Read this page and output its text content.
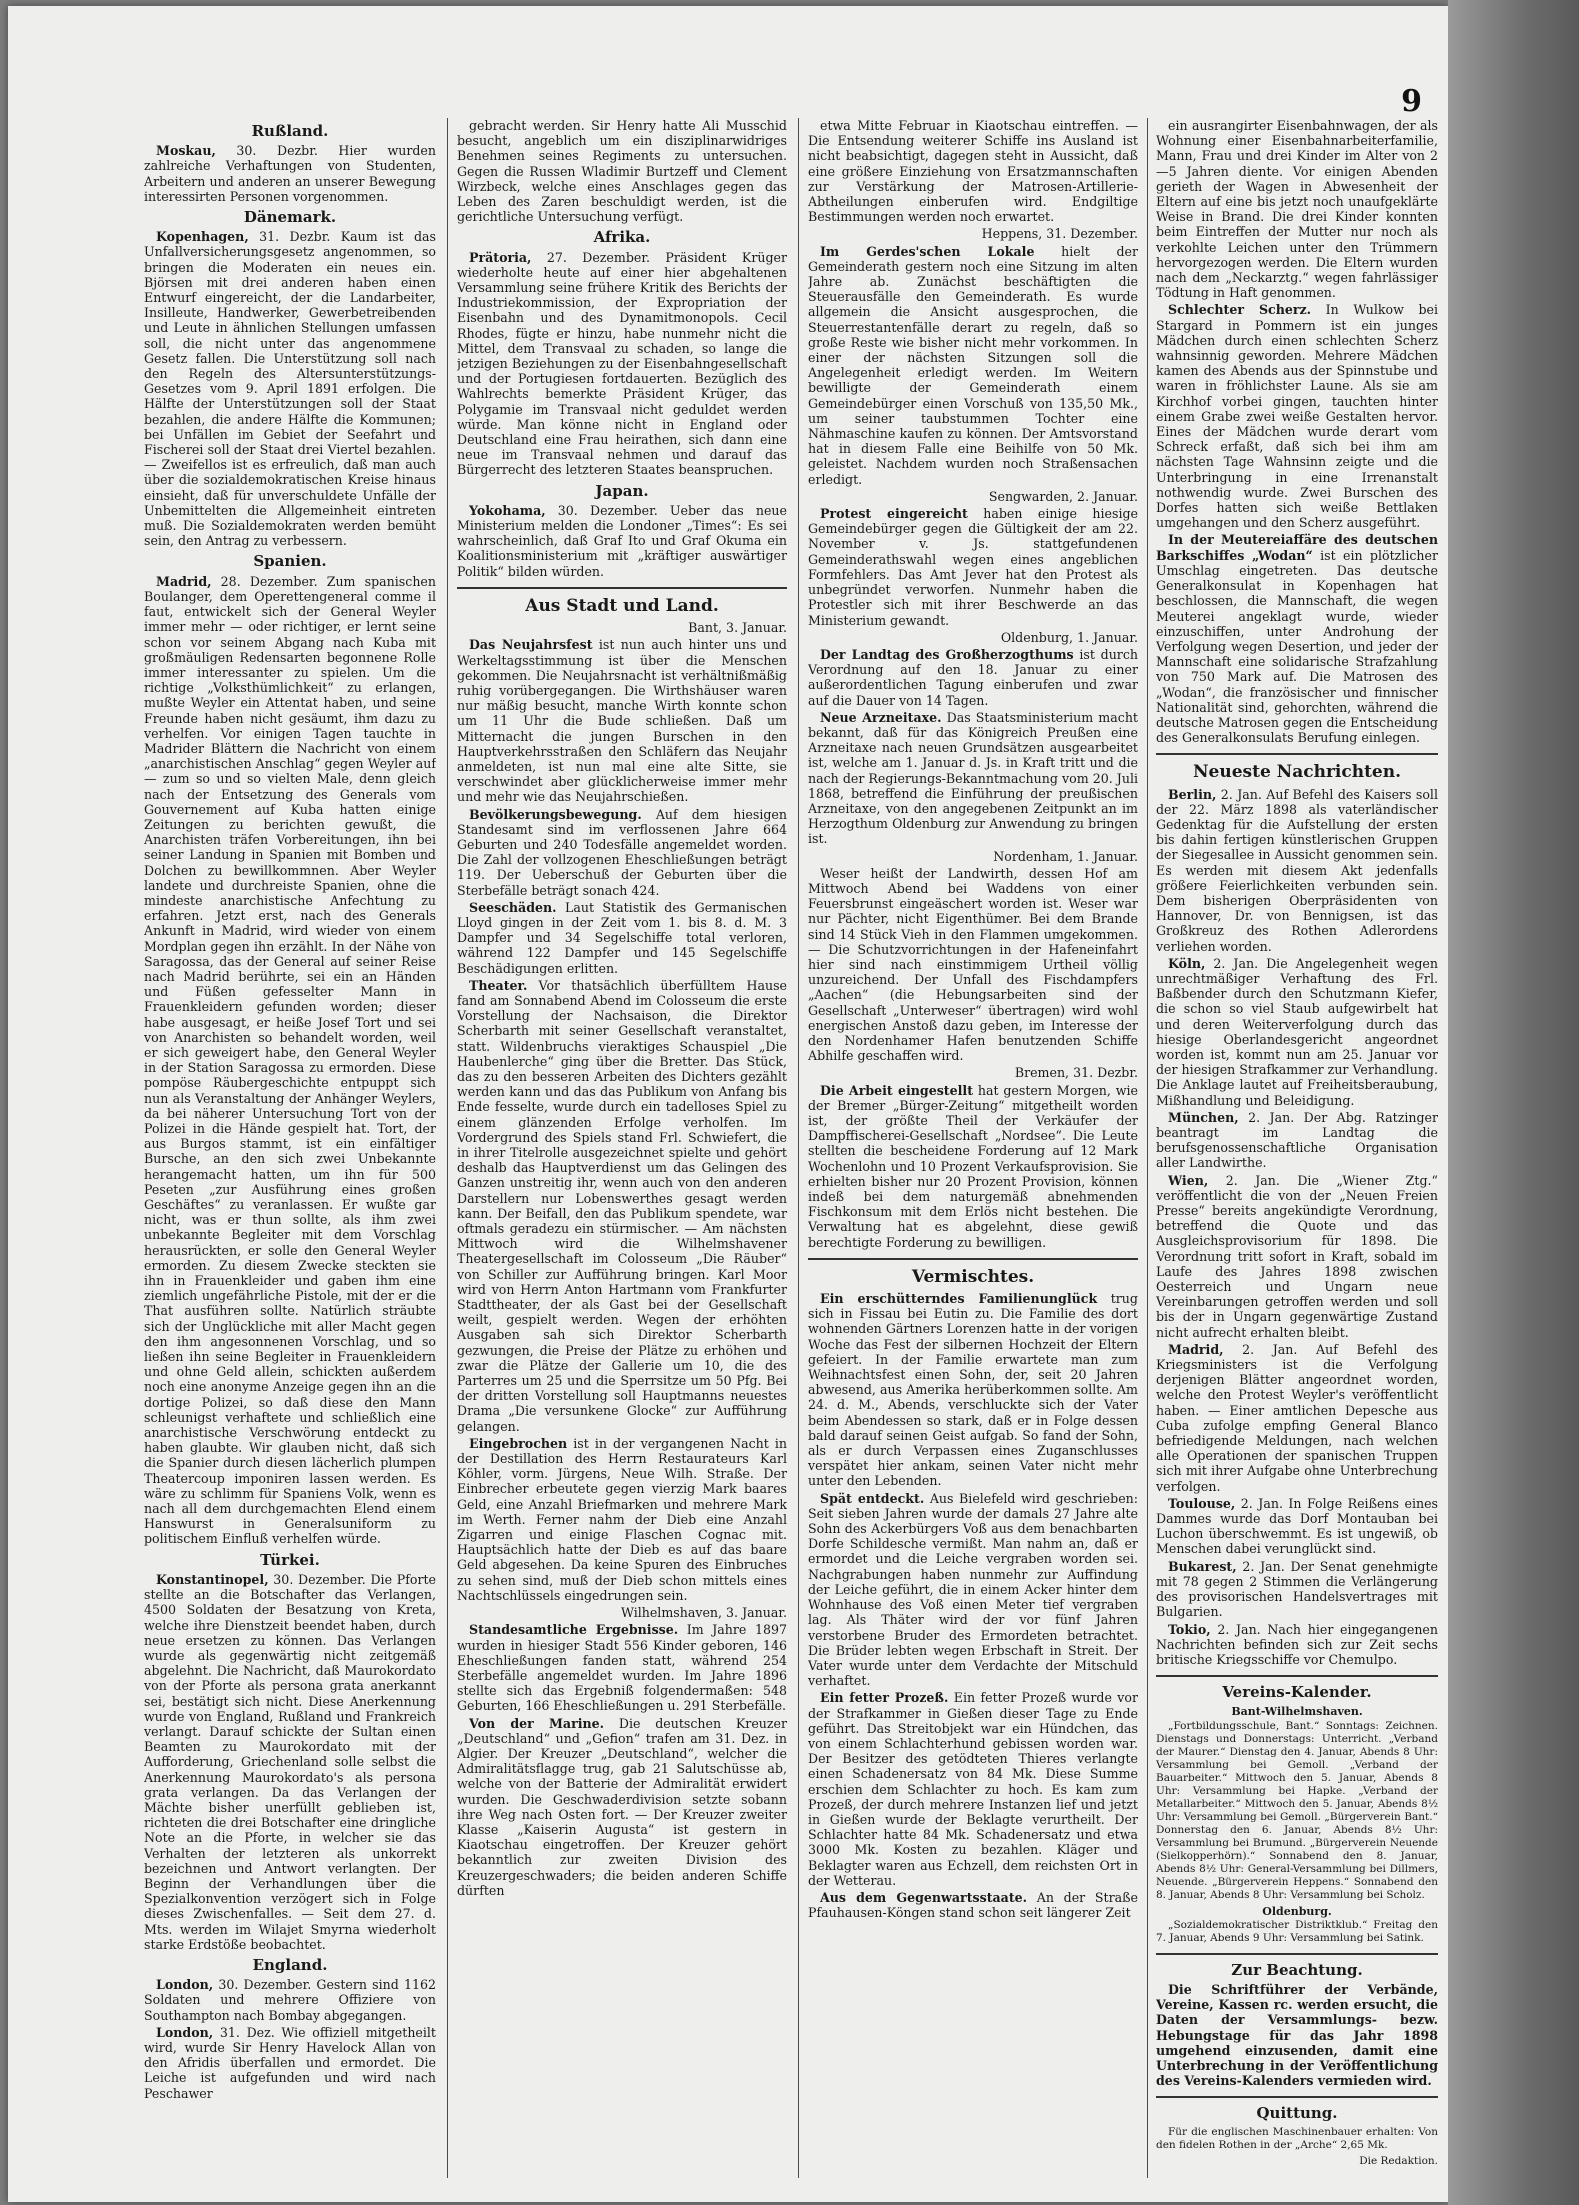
9
Rußland.
Moskau, 30. Dezbr. Hier wurden zahlreiche Verhaftungen von Studenten, Arbeitern und anderen an unserer Bewegung interessirten Personen vorgenommen.
Dänemark.
Kopenhagen, 31. Dezbr. Kaum ist das Unfallversicherungsgesetz angenommen, so bringen die Moderaten ein neues ein. Björsen mit drei anderen haben einen Entwurf eingereicht, der die Landarbeiter, Insilleute, Handwerker, Gewerbetreibenden und Leute in ähnlichen Stellungen umfassen soll, die nicht unter das angenommene Gesetz fallen. Die Unterstützung soll nach den Regeln des Altersunterstützungs-Gesetzes vom 9. April 1891 erfolgen. Die Hälfte der Unterstützungen soll der Staat bezahlen, die andere Hälfte die Kommunen; bei Unfällen im Gebiet der Seefahrt und Fischerei soll der Staat drei Viertel bezahlen. — Zweifellos ist es erfreulich, daß man auch über die sozialdemokratischen Kreise hinaus einsieht, daß für unverschuldete Unfälle der Unbemittelten die Allgemeinheit eintreten muß. Die Sozialdemokraten werden bemüht sein, den Antrag zu verbessern.
Spanien.
Madrid, 28. Dezember. Zum spanischen Boulanger, dem Operettengeneral comme il faut, entwickelt sich der General Weyler immer mehr — oder richtiger, er lernt seine schon vor seinem Abgang nach Kuba mit großmäuligen Redensarten begonnene Rolle immer interessanter zu spielen. Um die richtige „Volksthümlichkeit“ zu erlangen, mußte Weyler ein Attentat haben, und seine Freunde haben nicht gesäumt, ihm dazu zu verhelfen. Vor einigen Tagen tauchte in Madrider Blättern die Nachricht von einem „anarchistischen Anschlag“ gegen Weyler auf — zum so und so vielten Male, denn gleich nach der Entsetzung des Generals vom Gouvernement auf Kuba hatten einige Zeitungen zu berichten gewußt, die Anarchisten träfen Vorbereitungen, ihn bei seiner Landung in Spanien mit Bomben und Dolchen zu bewillkommnen. Aber Weyler landete und durchreiste Spanien, ohne die mindeste anarchistische Anfechtung zu erfahren. Jetzt erst, nach des Generals Ankunft in Madrid, wird wieder von einem Mordplan gegen ihn erzählt. In der Nähe von Saragossa, das der General auf seiner Reise nach Madrid berührte, sei ein an Händen und Füßen gefesselter Mann in Frauenkleidern gefunden worden; dieser habe ausgesagt, er heiße Josef Tort und sei von Anarchisten so behandelt worden, weil er sich geweigert habe, den General Weyler in der Station Saragossa zu ermorden. Diese pompöse Räubergeschichte entpuppt sich nun als Veranstaltung der Anhänger Weylers, da bei näherer Untersuchung Tort von der Polizei in die Hände gespielt hat. Tort, der aus Burgos stammt, ist ein einfältiger Bursche, an den sich zwei Unbekannte herangemacht hatten, um ihn für 500 Peseten „zur Ausführung eines großen Geschäftes“ zu veranlassen. Er wußte gar nicht, was er thun sollte, als ihm zwei unbekannte Begleiter mit dem Vorschlag herausrückten, er solle den General Weyler ermorden. Zu diesem Zwecke steckten sie ihn in Frauenkleider und gaben ihm eine ziemlich ungefährliche Pistole, mit der er die That ausführen sollte. Natürlich sträubte sich der Unglückliche mit aller Macht gegen den ihm angesonnenen Vorschlag, und so ließen ihn seine Begleiter in Frauenkleidern und ohne Geld allein, schickten außerdem noch eine anonyme Anzeige gegen ihn an die dortige Polizei, so daß diese den Mann schleunigst verhaftete und schließlich eine anarchistische Verschwörung entdeckt zu haben glaubte. Wir glauben nicht, daß sich die Spanier durch diesen lächerlich plumpen Theatercoup imponiren lassen werden. Es wäre zu schlimm für Spaniens Volk, wenn es nach all dem durchgemachten Elend einem Hanswurst in Generalsuniform zu politischem Einfluß verhelfen würde.
Türkei.
Konstantinopel, 30. Dezember. Die Pforte stellte an die Botschafter das Verlangen, 4500 Soldaten der Besatzung von Kreta, welche ihre Dienstzeit beendet haben, durch neue ersetzen zu können. Das Verlangen wurde als gegenwärtig nicht zeitgemäß abgelehnt. Die Nachricht, daß Maurokordato von der Pforte als persona grata anerkannt sei, bestätigt sich nicht. Diese Anerkennung wurde von England, Rußland und Frankreich verlangt. Darauf schickte der Sultan einen Beamten zu Maurokordato mit der Aufforderung, Griechenland solle selbst die Anerkennung Maurokordato's als persona grata verlangen. Da das Verlangen der Mächte bisher unerfüllt geblieben ist, richteten die drei Botschafter eine dringliche Note an die Pforte, in welcher sie das Verhalten der letzteren als unkorrekt bezeichnen und Antwort verlangten. Der Beginn der Verhandlungen über die Spezialkonvention verzögert sich in Folge dieses Zwischenfalles. — Seit dem 27. d. Mts. werden im Wilajet Smyrna wiederholt starke Erdstöße beobachtet.
England.
London, 30. Dezember. Gestern sind 1162 Soldaten und mehrere Offiziere von Southampton nach Bombay abgegangen.
London, 31. Dez. Wie offiziell mitgetheilt wird, wurde Sir Henry Havelock Allan von den Afridis überfallen und ermordet. Die Leiche ist aufgefunden und wird nach Peschawer
gebracht werden. Sir Henry hatte Ali Musschid besucht, angeblich um ein disziplinarwidriges Benehmen seines Regiments zu untersuchen. Gegen die Russen Wladimir Burtzeff und Clement Wirzbeck, welche eines Anschlages gegen das Leben des Zaren beschuldigt werden, ist die gerichtliche Untersuchung verfügt.
Afrika.
Prätoria, 27. Dezember. Präsident Krüger wiederholte heute auf einer hier abgehaltenen Versammlung seine frühere Kritik des Berichts der Industriekommission, der Expropriation der Eisenbahn und des Dynamitmonopols. Cecil Rhodes, fügte er hinzu, habe nunmehr nicht die Mittel, dem Transvaal zu schaden, so lange die jetzigen Beziehungen zu der Eisenbahngesellschaft und der Portugiesen fortdauerten. Bezüglich des Wahlrechts bemerkte Präsident Krüger, das Polygamie im Transvaal nicht geduldet werden würde. Man könne nicht in England oder Deutschland eine Frau heirathen, sich dann eine neue im Transvaal nehmen und darauf das Bürgerrecht des letzteren Staates beanspruchen.
Japan.
Yokohama, 30. Dezember. Ueber das neue Ministerium melden die Londoner „Times“: Es sei wahrscheinlich, daß Graf Ito und Graf Okuma ein Koalitionsministerium mit „kräftiger auswärtiger Politik“ bilden würden.
Aus Stadt und Land.
Bant, 3. Januar.
Das Neujahrsfest ist nun auch hinter uns und Werkeltagsstimmung ist über die Menschen gekommen. Die Neujahrsnacht ist verhältnißmäßig ruhig vorübergegangen. Die Wirthshäuser waren nur mäßig besucht, manche Wirth konnte schon um 11 Uhr die Bude schließen. Daß um Mitternacht die jungen Burschen in den Hauptverkehrsstraßen den Schläfern das Neujahr anmeldeten, ist nun mal eine alte Sitte, sie verschwindet aber glücklicherweise immer mehr und mehr wie das Neujahrschießen.
Bevölkerungsbewegung. Auf dem hiesigen Standesamt sind im verflossenen Jahre 664 Geburten und 240 Todesfälle angemeldet worden. Die Zahl der vollzogenen Eheschließungen beträgt 119. Der Ueberschuß der Geburten über die Sterbefälle beträgt sonach 424.
Seeschäden. Laut Statistik des Germanischen Lloyd gingen in der Zeit vom 1. bis 8. d. M. 3 Dampfer und 34 Segelschiffe total verloren, während 122 Dampfer und 145 Segelschiffe Beschädigungen erlitten.
Theater. Vor thatsächlich überfülltem Hause fand am Sonnabend Abend im Colosseum die erste Vorstellung der Nachsaison, die Direktor Scherbarth mit seiner Gesellschaft veranstaltet, statt. Wildenbruchs vieraktiges Schauspiel „Die Haubenlerche“ ging über die Bretter. Das Stück, das zu den besseren Arbeiten des Dichters gezählt werden kann und das das Publikum von Anfang bis Ende fesselte, wurde durch ein tadelloses Spiel zu einem glänzenden Erfolge verholfen. Im Vordergrund des Spiels stand Frl. Schwiefert, die in ihrer Titelrolle ausgezeichnet spielte und gehört deshalb das Hauptverdienst um das Gelingen des Ganzen unstreitig ihr, wenn auch von den anderen Darstellern nur Lobenswerthes gesagt werden kann. Der Beifall, den das Publikum spendete, war oftmals geradezu ein stürmischer. — Am nächsten Mittwoch wird die Wilhelmshavener Theatergesellschaft im Colosseum „Die Räuber“ von Schiller zur Aufführung bringen. Karl Moor wird von Herrn Anton Hartmann vom Frankfurter Stadttheater, der als Gast bei der Gesellschaft weilt, gespielt werden. Wegen der erhöhten Ausgaben sah sich Direktor Scherbarth gezwungen, die Preise der Plätze zu erhöhen und zwar die Plätze der Gallerie um 10, die des Parterres um 25 und die Sperrsitze um 50 Pfg. Bei der dritten Vorstellung soll Hauptmanns neuestes Drama „Die versunkene Glocke“ zur Aufführung gelangen.
Eingebrochen ist in der vergangenen Nacht in der Destillation des Herrn Restaurateurs Karl Köhler, vorm. Jürgens, Neue Wilh. Straße. Der Einbrecher erbeutete gegen vierzig Mark baares Geld, eine Anzahl Briefmarken und mehrere Mark im Werth. Ferner nahm der Dieb eine Anzahl Zigarren und einige Flaschen Cognac mit. Hauptsächlich hatte der Dieb es auf das baare Geld abgesehen. Da keine Spuren des Einbruches zu sehen sind, muß der Dieb schon mittels eines Nachtschlüssels eingedrungen sein.
Wilhelmshaven, 3. Januar.
Standesamtliche Ergebnisse. Im Jahre 1897 wurden in hiesiger Stadt 556 Kinder geboren, 146 Eheschließungen fanden statt, während 254 Sterbefälle angemeldet wurden. Im Jahre 1896 stellte sich das Ergebniß folgendermaßen: 548 Geburten, 166 Eheschließungen u. 291 Sterbefälle.
Von der Marine. Die deutschen Kreuzer „Deutschland“ und „Gefion“ trafen am 31. Dez. in Algier. Der Kreuzer „Deutschland“, welcher die Admiralitätsflagge trug, gab 21 Salutschüsse ab, welche von der Batterie der Admiralität erwidert wurden. Die Geschwaderdivision setzte sobann ihre Weg nach Osten fort. — Der Kreuzer zweiter Klasse „Kaiserin Augusta“ ist gestern in Kiaotschau eingetroffen. Der Kreuzer gehört bekanntlich zur zweiten Division des Kreuzergeschwaders; die beiden anderen Schiffe dürften
etwa Mitte Februar in Kiaotschau eintreffen. — Die Entsendung weiterer Schiffe ins Ausland ist nicht beabsichtigt, dagegen steht in Aussicht, daß eine größere Einziehung von Ersatzmannschaften zur Verstärkung der Matrosen-Artillerie-Abtheilungen einberufen wird. Endgiltige Bestimmungen werden noch erwartet.
Heppens, 31. Dezember.
Im Gerdes'schen Lokale hielt der Gemeinderath gestern noch eine Sitzung im alten Jahre ab. Zunächst beschäftigten die Steuerausfälle den Gemeinderath. Es wurde allgemein die Ansicht ausgesprochen, die Steuerrestantenfälle derart zu regeln, daß so große Reste wie bisher nicht mehr vorkommen. In einer der nächsten Sitzungen soll die Angelegenheit erledigt werden. Im Weitern bewilligte der Gemeinderath einem Gemeindebürger einen Vorschuß von 135,50 Mk., um seiner taubstummen Tochter eine Nähmaschine kaufen zu können. Der Amtsvorstand hat in diesem Falle eine Beihilfe von 50 Mk. geleistet. Nachdem wurden noch Straßensachen erledigt.
Sengwarden, 2. Januar.
Protest eingereicht haben einige hiesige Gemeindebürger gegen die Gültigkeit der am 22. November v. Js. stattgefundenen Gemeinderathswahl wegen eines angeblichen Formfehlers. Das Amt Jever hat den Protest als unbegründet verworfen. Nunmehr haben die Protestler sich mit ihrer Beschwerde an das Ministerium gewandt.
Oldenburg, 1. Januar.
Der Landtag des Großherzogthums ist durch Verordnung auf den 18. Januar zu einer außerordentlichen Tagung einberufen und zwar auf die Dauer von 14 Tagen.
Neue Arzneitaxe. Das Staatsministerium macht bekannt, daß für das Königreich Preußen eine Arzneitaxe nach neuen Grundsätzen ausgearbeitet ist, welche am 1. Januar d. Js. in Kraft tritt und die nach der Regierungs-Bekanntmachung vom 20. Juli 1868, betreffend die Einführung der preußischen Arzneitaxe, von den angegebenen Zeitpunkt an im Herzogthum Oldenburg zur Anwendung zu bringen ist.
Nordenham, 1. Januar.
Weser heißt der Landwirth, dessen Hof am Mittwoch Abend bei Waddens von einer Feuersbrunst eingeäschert worden ist. Weser war nur Pächter, nicht Eigenthümer. Bei dem Brande sind 14 Stück Vieh in den Flammen umgekommen. — Die Schutzvorrichtungen in der Hafeneinfahrt hier sind nach einstimmigem Urtheil völlig unzureichend. Der Unfall des Fischdampfers „Aachen“ (die Hebungsarbeiten sind der Gesellschaft „Unterweser“ übertragen) wird wohl energischen Anstoß dazu geben, im Interesse der den Nordenhamer Hafen benutzenden Schiffe Abhilfe geschaffen wird.
Bremen, 31. Dezbr.
Die Arbeit eingestellt hat gestern Morgen, wie der Bremer „Bürger-Zeitung“ mitgetheilt worden ist, der größte Theil der Verkäufer der Dampffischerei-Gesellschaft „Nordsee“. Die Leute stellten die bescheidene Forderung auf 12 Mark Wochenlohn und 10 Prozent Verkaufsprovision. Sie erhielten bisher nur 20 Prozent Provision, können indeß bei dem naturgemäß abnehmenden Fischkonsum mit dem Erlös nicht bestehen. Die Verwaltung hat es abgelehnt, diese gewiß berechtigte Forderung zu bewilligen.
Vermischtes.
Ein erschütterndes Familienunglück trug sich in Fissau bei Eutin zu. Die Familie des dort wohnenden Gärtners Lorenzen hatte in der vorigen Woche das Fest der silbernen Hochzeit der Eltern gefeiert. In der Familie erwartete man zum Weihnachtsfest einen Sohn, der, seit 20 Jahren abwesend, aus Amerika herüberkommen sollte. Am 24. d. M., Abends, verschluckte sich der Vater beim Abendessen so stark, daß er in Folge dessen bald darauf seinen Geist aufgab. So fand der Sohn, als er durch Verpassen eines Zuganschlusses verspätet hier ankam, seinen Vater nicht mehr unter den Lebenden.
Spät entdeckt. Aus Bielefeld wird geschrieben: Seit sieben Jahren wurde der damals 27 Jahre alte Sohn des Ackerbürgers Voß aus dem benachbarten Dorfe Schildesche vermißt. Man nahm an, daß er ermordet und die Leiche vergraben worden sei. Nachgrabungen haben nunmehr zur Auffindung der Leiche geführt, die in einem Acker hinter dem Wohnhause des Voß einen Meter tief vergraben lag. Als Thäter wird der vor fünf Jahren verstorbene Bruder des Ermordeten betrachtet. Die Brüder lebten wegen Erbschaft in Streit. Der Vater wurde unter dem Verdachte der Mitschuld verhaftet.
Ein fetter Prozeß. Ein fetter Prozeß wurde vor der Strafkammer in Gießen dieser Tage zu Ende geführt. Das Streitobjekt war ein Hündchen, das von einem Schlachterhund gebissen worden war. Der Besitzer des getödteten Thieres verlangte einen Schadenersatz von 84 Mk. Diese Summe erschien dem Schlachter zu hoch. Es kam zum Prozeß, der durch mehrere Instanzen lief und jetzt in Gießen wurde der Beklagte verurtheilt. Der Schlachter hatte 84 Mk. Schadenersatz und etwa 3000 Mk. Kosten zu bezahlen. Kläger und Beklagter waren aus Echzell, dem reichsten Ort in der Wetterau.
Aus dem Gegenwartsstaate. An der Straße Pfauhausen-Köngen stand schon seit längerer Zeit
ein ausrangirter Eisenbahnwagen, der als Wohnung einer Eisenbahnarbeiterfamilie, Mann, Frau und drei Kinder im Alter von 2—5 Jahren diente. Vor einigen Abenden gerieth der Wagen in Abwesenheit der Eltern auf eine bis jetzt noch unaufgeklärte Weise in Brand. Die drei Kinder konnten beim Eintreffen der Mutter nur noch als verkohlte Leichen unter den Trümmern hervorgezogen werden. Die Eltern wurden nach dem „Neckarztg.“ wegen fahrlässiger Tödtung in Haft genommen.
Schlechter Scherz. In Wulkow bei Stargard in Pommern ist ein junges Mädchen durch einen schlechten Scherz wahnsinnig geworden. Mehrere Mädchen kamen des Abends aus der Spinnstube und waren in fröhlichster Laune. Als sie am Kirchhof vorbei gingen, tauchten hinter einem Grabe zwei weiße Gestalten hervor. Eines der Mädchen wurde derart vom Schreck erfaßt, daß sich bei ihm am nächsten Tage Wahnsinn zeigte und die Unterbringung in eine Irrenanstalt nothwendig wurde. Zwei Burschen des Dorfes hatten sich weiße Bettlaken umgehangen und den Scherz ausgeführt.
In der Meutereiaffäre des deutschen Barkschiffes „Wodan“ ist ein plötzlicher Umschlag eingetreten. Das deutsche Generalkonsulat in Kopenhagen hat beschlossen, die Mannschaft, die wegen Meuterei angeklagt wurde, wieder einzuschiffen, unter Androhung der Verfolgung wegen Desertion, und jeder der Mannschaft eine solidarische Strafzahlung von 750 Mark auf. Die Matrosen des „Wodan“, die französischer und finnischer Nationalität sind, gehorchten, während die deutsche Matrosen gegen die Entscheidung des Generalkonsulats Berufung einlegen.
Neueste Nachrichten.
Berlin, 2. Jan. Auf Befehl des Kaisers soll der 22. März 1898 als vaterländischer Gedenktag für die Aufstellung der ersten bis dahin fertigen künstlerischen Gruppen der Siegesallee in Aussicht genommen sein. Es werden mit diesem Akt jedenfalls größere Feierlichkeiten verbunden sein. Dem bisherigen Oberpräsidenten von Hannover, Dr. von Bennigsen, ist das Großkreuz des Rothen Adlerordens verliehen worden.
Köln, 2. Jan. Die Angelegenheit wegen unrechtmäßiger Verhaftung des Frl. Baßbender durch den Schutzmann Kiefer, die schon so viel Staub aufgewirbelt hat und deren Weiterverfolgung durch das hiesige Oberlandesgericht angeordnet worden ist, kommt nun am 25. Januar vor der hiesigen Strafkammer zur Verhandlung. Die Anklage lautet auf Freiheitsberaubung, Mißhandlung und Beleidigung.
München, 2. Jan. Der Abg. Ratzinger beantragt im Landtag die berufsgenossenschaftliche Organisation aller Landwirthe.
Wien, 2. Jan. Die „Wiener Ztg.“ veröffentlicht die von der „Neuen Freien Presse“ bereits angekündigte Verordnung, betreffend die Quote und das Ausgleichsprovisorium für 1898. Die Verordnung tritt sofort in Kraft, sobald im Laufe des Jahres 1898 zwischen Oesterreich und Ungarn neue Vereinbarungen getroffen werden und soll bis der in Ungarn gegenwärtige Zustand nicht aufrecht erhalten bleibt.
Madrid, 2. Jan. Auf Befehl des Kriegsministers ist die Verfolgung derjenigen Blätter angeordnet worden, welche den Protest Weyler's veröffentlicht haben. — Einer amtlichen Depesche aus Cuba zufolge empfing General Blanco befriedigende Meldungen, nach welchen alle Operationen der spanischen Truppen sich mit ihrer Aufgabe ohne Unterbrechung verfolgen.
Toulouse, 2. Jan. In Folge Reißens eines Dammes wurde das Dorf Montauban bei Luchon überschwemmt. Es ist ungewiß, ob Menschen dabei verunglückt sind.
Bukarest, 2. Jan. Der Senat genehmigte mit 78 gegen 2 Stimmen die Verlängerung des provisorischen Handelsvertrages mit Bulgarien.
Tokio, 2. Jan. Nach hier eingegangenen Nachrichten befinden sich zur Zeit sechs britische Kriegsschiffe vor Chemulpo.
Vereins-Kalender.
Bant-Wilhelmshaven.
„Fortbildungsschule, Bant.“ Sonntags: Zeichnen. Dienstags und Donnerstags: Unterricht. „Verband der Maurer.“ Dienstag den 4. Januar, Abends 8 Uhr: Versammlung bei Gemoll. „Verband der Bauarbeiter.“ Mittwoch den 5. Januar, Abends 8 Uhr: Versammlung bei Hapke. „Verband der Metallarbeiter.“ Mittwoch den 5. Januar, Abends 8½ Uhr: Versammlung bei Gemoll. „Bürgerverein Bant.“ Donnerstag den 6. Januar, Abends 8½ Uhr: Versammlung bei Brumund. „Bürgerverein Neuende (Sielkopperhörn).“ Sonnabend den 8. Januar, Abends 8½ Uhr: General-Versammlung bei Dillmers, Neuende. „Bürgerverein Heppens.“ Sonnabend den 8. Januar, Abends 8 Uhr: Versammlung bei Scholz.
Oldenburg.
„Sozialdemokratischer Distriktklub.“ Freitag den 7. Januar, Abends 9 Uhr: Versammlung bei Satink.
Zur Beachtung.
Die Schriftführer der Verbände, Vereine, Kassen rc. werden ersucht, die Daten der Versammlungs- bezw. Hebungstage für das Jahr 1898 umgehend einzusenden, damit eine Unterbrechung in der Veröffentlichung des Vereins-Kalenders vermieden wird.
Quittung.
Für die englischen Maschinenbauer erhalten: Von den fidelen Rothen in der „Arche“ 2,65 Mk.
Die Redaktion.
